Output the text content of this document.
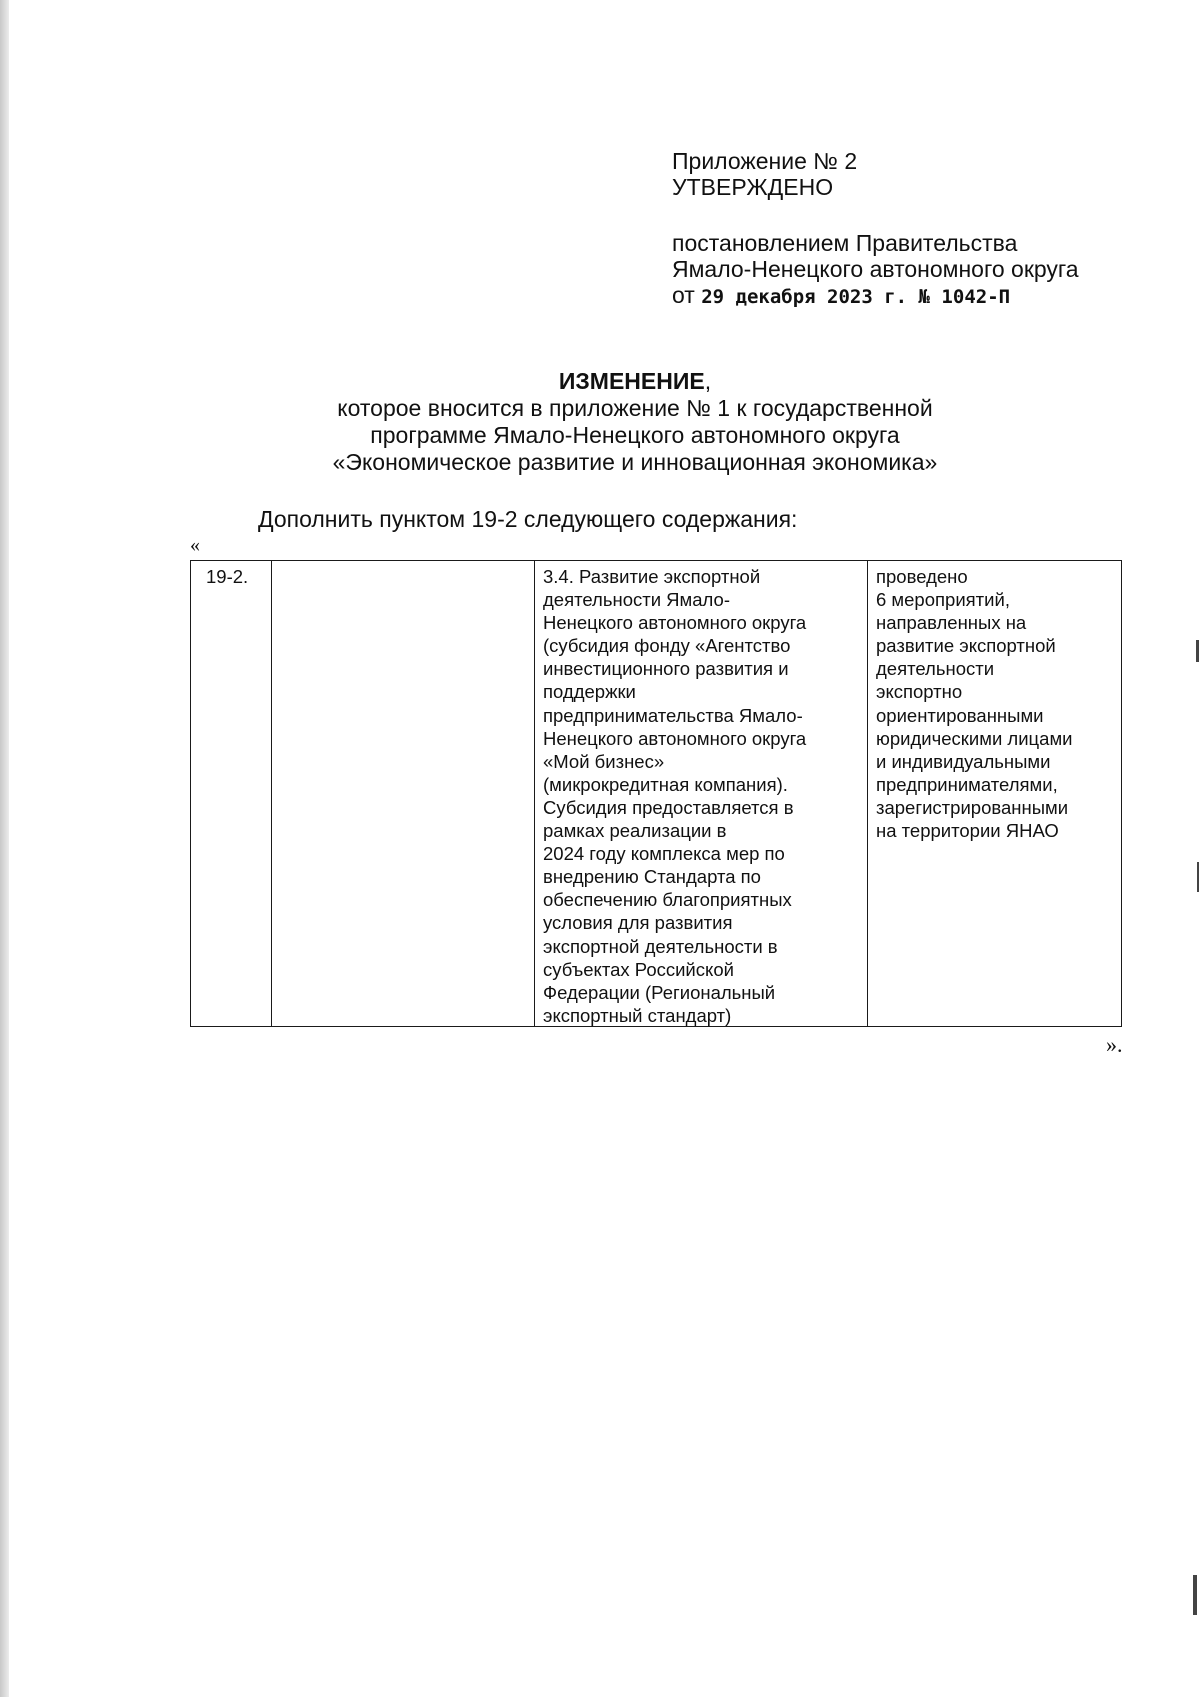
Приложение № 2
УТВЕРЖДЕНО
постановлением Правительства
Ямало-Ненецкого автономного округа
от 29 декабря 2023 г. № 1042-П
ИЗМЕНЕНИЕ,
которое вносится в приложение № 1 к государственной
программе Ямало-Ненецкого автономного округа
«Экономическое развитие и инновационная экономика»
Дополнить пунктом 19-2 следующего содержания:
«
19-2.	3.4. Развитие экспортной
деятельности Ямало-
Ненецкого автономного округа
(субсидия фонду «Агентство
инвестиционного развития и
поддержки
предпринимательства Ямало-
Ненецкого автономного округа
«Мой бизнес»
(микрокредитная компания).
Субсидия предоставляется в
рамках реализации в
2024 году комплекса мер по
внедрению Стандарта по
обеспечению благоприятных
условия для развития
экспортной деятельности в
субъектах Российской
Федерации (Региональный
экспортный стандарт)
проведено
6 мероприятий,
направленных на
развитие экспортной
деятельности
экспортно
ориентированными
юридическими лицами
и индивидуальными
предпринимателями,
зарегистрированными
на территории ЯНАО
».
